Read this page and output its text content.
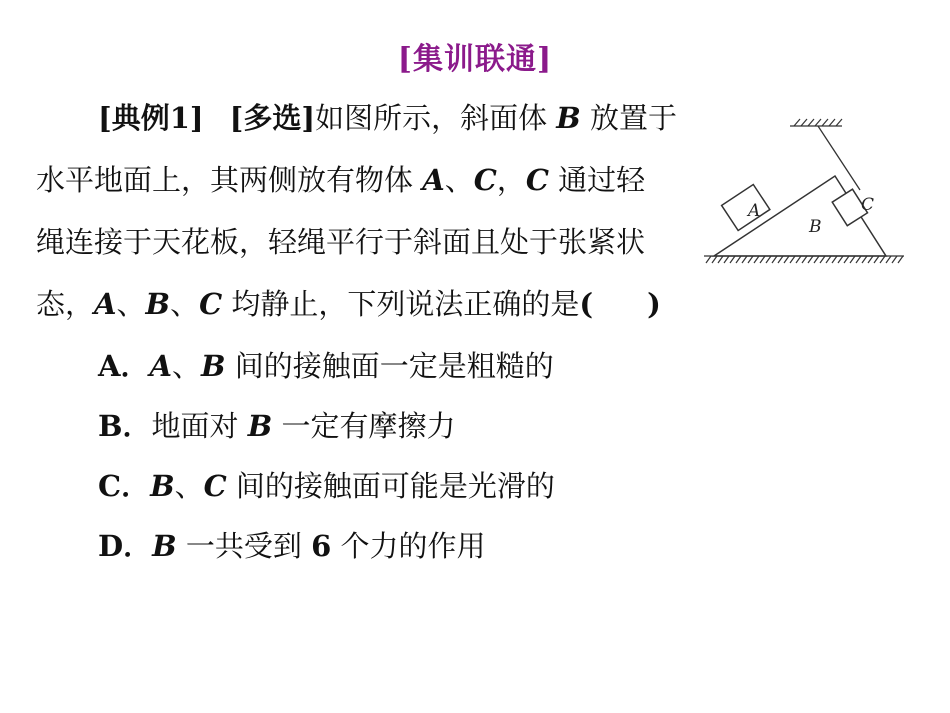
[集训联通]
[典例1] [多选]如图所示，斜面体 B 放置于
水平地面上，其两侧放有物体 A、C，C 通过轻
绳连接于天花板，轻绳平行于斜面且处于张紧状
态，A、B、C 均静止，下列说法正确的是( )
A．A、B 间的接触面一定是粗糙的
B．地面对 B 一定有摩擦力
C．B、C 间的接触面可能是光滑的
D．B 一共受到 6 个力的作用
A
B
C
